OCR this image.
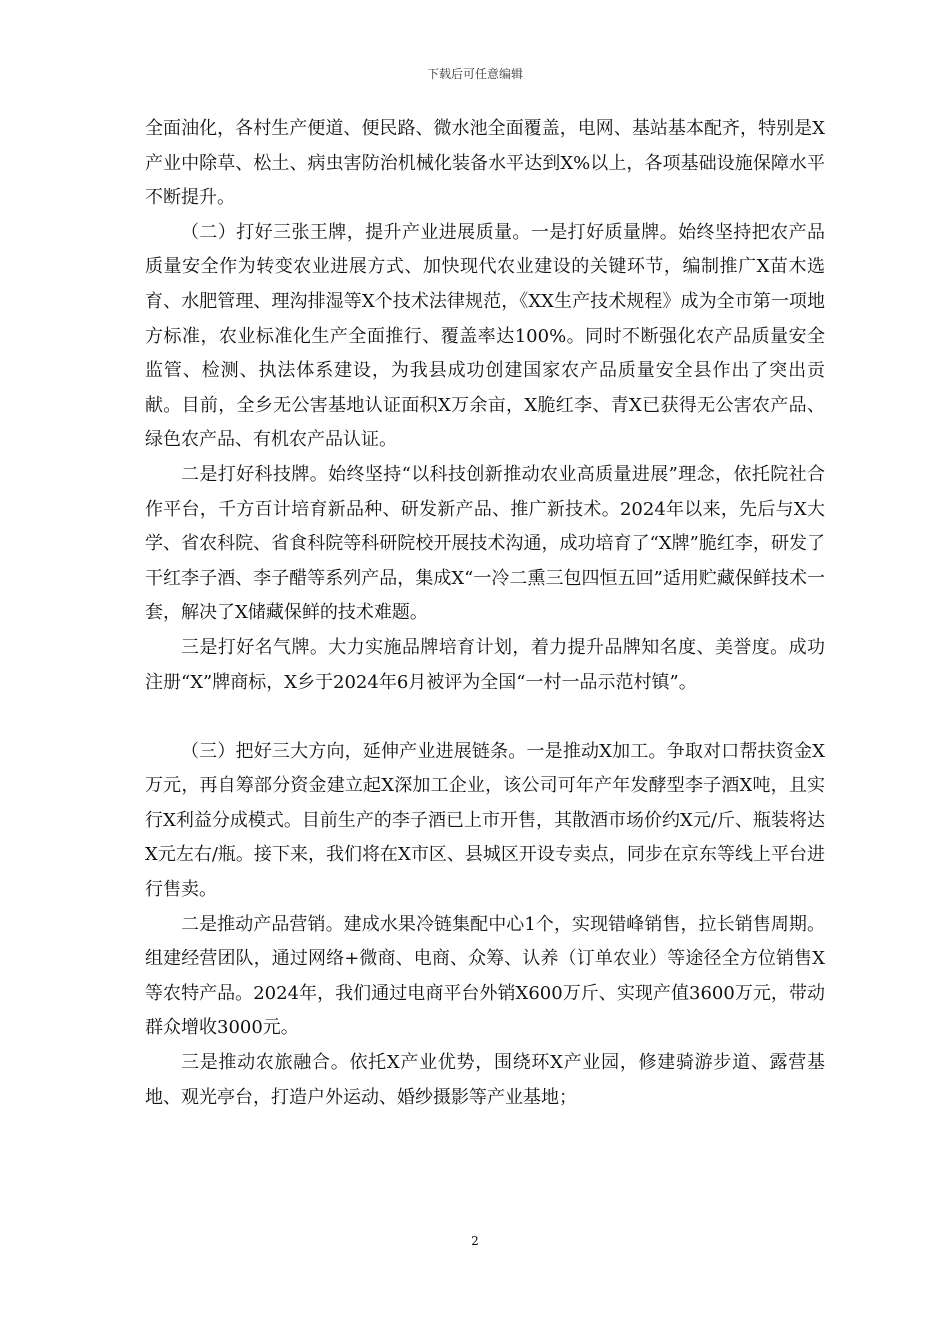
下载后可任意编辑

全面油化，各村生产便道、便民路、微水池全面覆盖，电网、基站基本配齐，特别是X产业中除草、松土、病虫害防治机械化装备水平达到X%以上，各项基础设施保障水平不断提升。

（二）打好三张王牌，提升产业进展质量。一是打好质量牌。始终坚持把农产品质量安全作为转变农业进展方式、加快现代农业建设的关键环节，编制推广X苗木选育、水肥管理、理沟排湿等X个技术法律规范，《XX生产技术规程》成为全市第一项地方标准，农业标准化生产全面推行、覆盖率达100%。同时不断强化农产品质量安全监管、检测、执法体系建设，为我县成功创建国家农产品质量安全县作出了突出贡献。目前，全乡无公害基地认证面积X万余亩，X脆红李、青X已获得无公害农产品、绿色农产品、有机农产品认证。

二是打好科技牌。始终坚持“以科技创新推动农业高质量进展”理念，依托院社合作平台，千方百计培育新品种、研发新产品、推广新技术。2024年以来，先后与X大学、省农科院、省食科院等科研院校开展技术沟通，成功培育了“X牌”脆红李，研发了干红李子酒、李子醋等系列产品，集成X“一冷二熏三包四恒五回”适用贮藏保鲜技术一套，解决了X储藏保鲜的技术难题。

三是打好名气牌。大力实施品牌培育计划，着力提升品牌知名度、美誉度。成功注册“X”牌商标，X乡于2024年6月被评为全国“一村一品示范村镇”。

（三）把好三大方向，延伸产业进展链条。一是推动X加工。争取对口帮扶资金X万元，再自筹部分资金建立起X深加工企业，该公司可年产年发酵型李子酒X吨，且实行X利益分成模式。目前生产的李子酒已上市开售，其散酒市场价约X元/斤、瓶装将达X元左右/瓶。接下来，我们将在X市区、县城区开设专卖点，同步在京东等线上平台进行售卖。

二是推动产品营销。建成水果冷链集配中心1个，实现错峰销售，拉长销售周期。组建经营团队，通过网络+微商、电商、众筹、认养（订单农业）等途径全方位销售X等农特产品。2024年，我们通过电商平台外销X600万斤、实现产值3600万元，带动群众增收3000元。

三是推动农旅融合。依托X产业优势，围绕环X产业园，修建骑游步道、露营基地、观光亭台，打造户外运动、婚纱摄影等产业基地；

2
